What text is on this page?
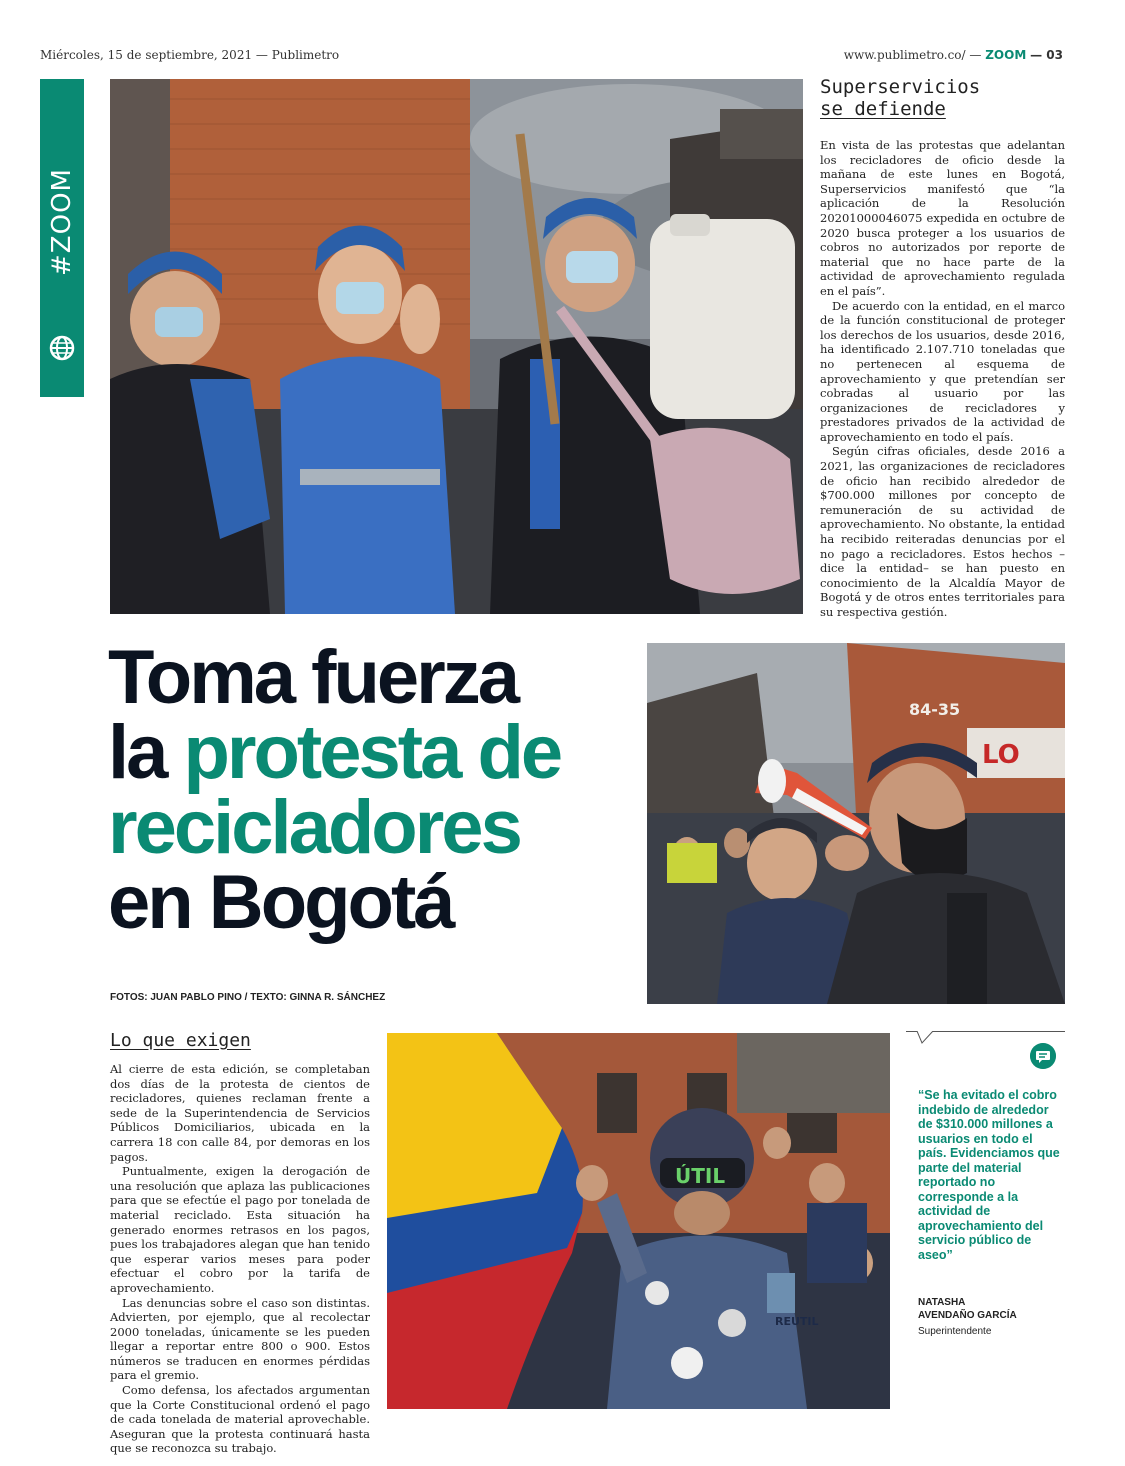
Miércoles, 15 de septiembre, 2021 — Publimetro	www.publimetro.co/ — ZOOM — 03
#ZOOM
Superservicios
se defiende

En vista de las protestas que adelantan los recicladores de oficio desde la mañana de este lunes en Bogotá, Superservicios manifestó que “la aplicación de la Resolución 20201000046075 expedida en octubre de 2020 busca proteger a los usuarios de cobros no autorizados por reporte de material que no hace parte de la actividad de aprovechamiento regulada en el país”.

De acuerdo con la entidad, en el marco de la función constitucional de proteger los derechos de los usuarios, desde 2016, ha identificado 2.107.710 toneladas que no pertenecen al esquema de aprovechamiento y que pretendían ser cobradas al usuario por las organizaciones de recicladores y prestadores privados de la actividad de aprovechamiento en todo el país.

Según cifras oficiales, desde 2016 a 2021, las organizaciones de recicladores de oficio han recibido alrededor de $700.000 millones por concepto de remuneración de su actividad de aprovechamiento. No obstante, la entidad ha recibido reiteradas denuncias por el no pago a recicladores. Estos hechos –dice la entidad– se han puesto en conocimiento de la Alcaldía Mayor de Bogotá y de otros entes territoriales para su respectiva gestión.

Toma fuerza
la protesta de
recicladores
en Bogotá
84-35
LO
FOTOS: JUAN PABLO PINO / TEXTO: GINNA R. SÁNCHEZ
Lo que exigen

Al cierre de esta edición, se completaban dos días de la protesta de cientos de recicladores, quienes reclaman frente a sede de la Superintendencia de Servicios Públicos Domiciliarios, ubicada en la carrera 18 con calle 84, por demoras en los pagos.

Puntualmente, exigen la derogación de una resolución que aplaza las publicaciones para que se efectúe el pago por tonelada de material reciclado. Esta situación ha generado enormes retrasos en los pagos, pues los trabajadores alegan que han tenido que esperar varios meses para poder efectuar el cobro por la tarifa de aprovechamiento.

Las denuncias sobre el caso son distintas. Advierten, por ejemplo, que al recolectar 2000 toneladas, únicamente se les pueden llegar a reportar entre 800 o 900. Estos números se traducen en enormes pérdidas para el gremio.

Como defensa, los afectados argumentan que la Corte Constitucional ordenó el pago de cada tonelada de material aprovechable. Aseguran que la protesta continuará hasta que se reconozca su trabajo.

ÚTIL
REUTIL
“Se ha evitado el cobro indebido de alrededor de $310.000 millones a usuarios en todo el país. Evidenciamos que parte del material reportado no corresponde a la actividad de aprovechamiento del servicio público de aseo”
NATASHA
AVENDAÑO GARCÍA
Superintendente
